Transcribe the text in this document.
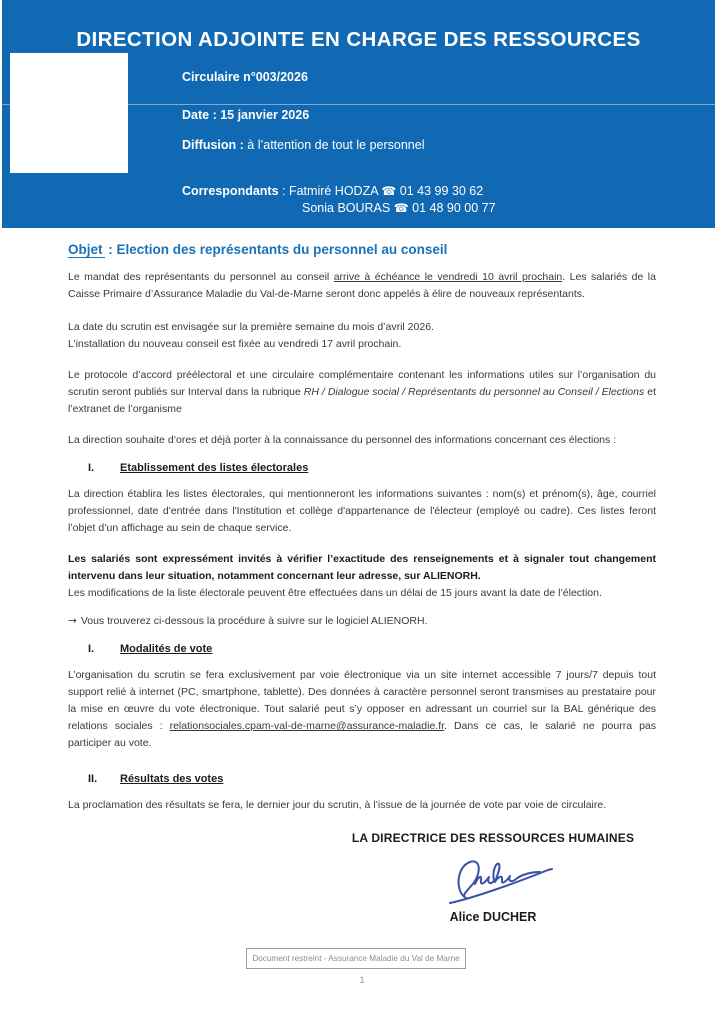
DIRECTION ADJOINTE EN CHARGE DES RESSOURCES
Circulaire n°003/2026
Date : 15 janvier 2026
Diffusion : à l’attention de tout le personnel
Correspondants : Fatmiré HODZA ☎ 01 43 99 30 62
Sonia BOURAS ☎ 01 48 90 00 77
Objet : Election des représentants du personnel au conseil
Le mandat des représentants du personnel au conseil arrive à échéance le vendredi 10 avril prochain. Les salariés de la Caisse Primaire d’Assurance Maladie du Val-de-Marne seront donc appelés à élire de nouveaux représentants.
La date du scrutin est envisagée sur la première semaine du mois d’avril 2026.
L’installation du nouveau conseil est fixée au vendredi 17 avril prochain.
Le protocole d’accord préélectoral et une circulaire complémentaire contenant les informations utiles sur l’organisation du scrutin seront publiés sur Interval dans la rubrique RH / Dialogue social / Représentants du personnel au Conseil / Elections et l’extranet de l’organisme
La direction souhaite d’ores et déjà porter à la connaissance du personnel des informations concernant ces élections :
I.	Etablissement des listes électorales
La direction établira les listes électorales, qui mentionneront les informations suivantes : nom(s) et prénom(s), âge, courriel professionnel, date d'entrée dans l'Institution et collège d'appartenance de l'électeur (employé ou cadre). Ces listes feront l’objet d’un affichage au sein de chaque service.
Les salariés sont expressément invités à vérifier l’exactitude des renseignements et à signaler tout changement intervenu dans leur situation, notamment concernant leur adresse, sur ALIENORH.
Les modifications de la liste électorale peuvent être effectuées dans un délai de 15 jours avant la date de l’élection.
→ Vous trouverez ci-dessous la procédure à suivre sur le logiciel ALIENORH.
I.	Modalités de vote
L’organisation du scrutin se fera exclusivement par voie électronique via un site internet accessible 7 jours/7 depuis tout support relié à internet (PC, smartphone, tablette). Des données à caractère personnel seront transmises au prestataire pour la mise en œuvre du vote électronique. Tout salarié peut s’y opposer en adressant un courriel sur la BAL générique des relations sociales : relationsociales.cpam-val-de-marne@assurance-maladie.fr. Dans ce cas, le salarié ne pourra pas participer au vote.
II.	Résultats des votes
La proclamation des résultats se fera, le dernier jour du scrutin, à l’issue de la journée de vote par voie de circulaire.
LA DIRECTRICE DES RESSOURCES HUMAINES
Alice DUCHER
Document restreint - Assurance Maladie du Val de Marne
1
